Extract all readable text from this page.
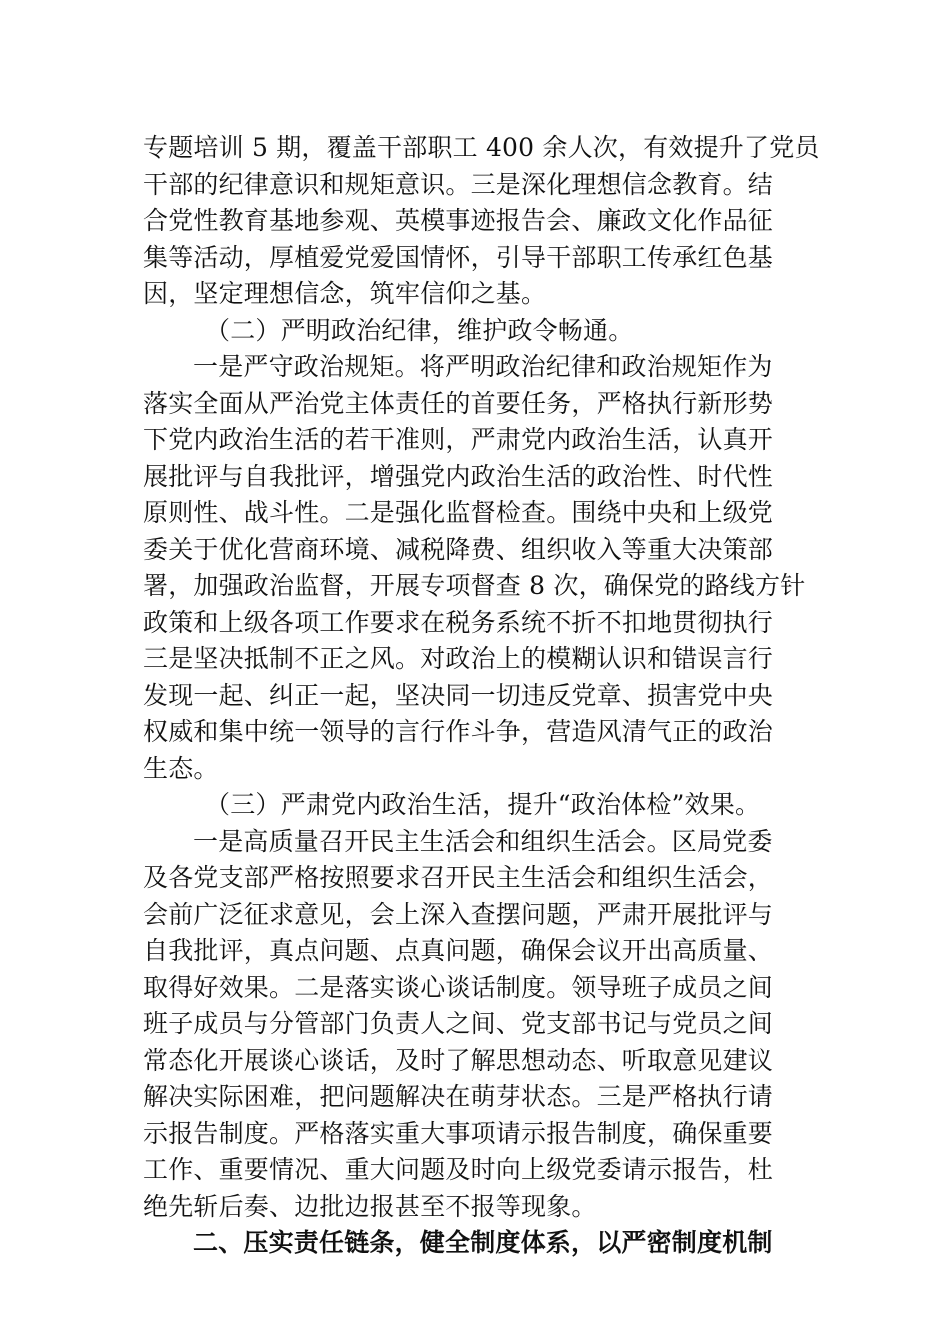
专题培训 5 期，覆盖干部职工 400 余人次，有效提升了党员
干部的纪律意识和规矩意识。三是深化理想信念教育。结
合党性教育基地参观、英模事迹报告会、廉政文化作品征
集等活动，厚植爱党爱国情怀，引导干部职工传承红色基
因，坚定理想信念，筑牢信仰之基。
（二）严明政治纪律，维护政令畅通。
一是严守政治规矩。将严明政治纪律和政治规矩作为
落实全面从严治党主体责任的首要任务，严格执行新形势
下党内政治生活的若干准则，严肃党内政治生活，认真开
展批评与自我批评，增强党内政治生活的政治性、时代性
原则性、战斗性。二是强化监督检查。围绕中央和上级党
委关于优化营商环境、减税降费、组织收入等重大决策部
署，加强政治监督，开展专项督查 8 次，确保党的路线方针
政策和上级各项工作要求在税务系统不折不扣地贯彻执行
三是坚决抵制不正之风。对政治上的模糊认识和错误言行
发现一起、纠正一起，坚决同一切违反党章、损害党中央
权威和集中统一领导的言行作斗争，营造风清气正的政治
生态。
（三）严肃党内政治生活，提升“政治体检”效果。
一是高质量召开民主生活会和组织生活会。区局党委
及各党支部严格按照要求召开民主生活会和组织生活会，
会前广泛征求意见，会上深入查摆问题，严肃开展批评与
自我批评，真点问题、点真问题，确保会议开出高质量、
取得好效果。二是落实谈心谈话制度。领导班子成员之间
班子成员与分管部门负责人之间、党支部书记与党员之间
常态化开展谈心谈话，及时了解思想动态、听取意见建议
解决实际困难，把问题解决在萌芽状态。三是严格执行请
示报告制度。严格落实重大事项请示报告制度，确保重要
工作、重要情况、重大问题及时向上级党委请示报告，杜
绝先斩后奏、边批边报甚至不报等现象。
二、压实责任链条，健全制度体系，以严密制度机制
